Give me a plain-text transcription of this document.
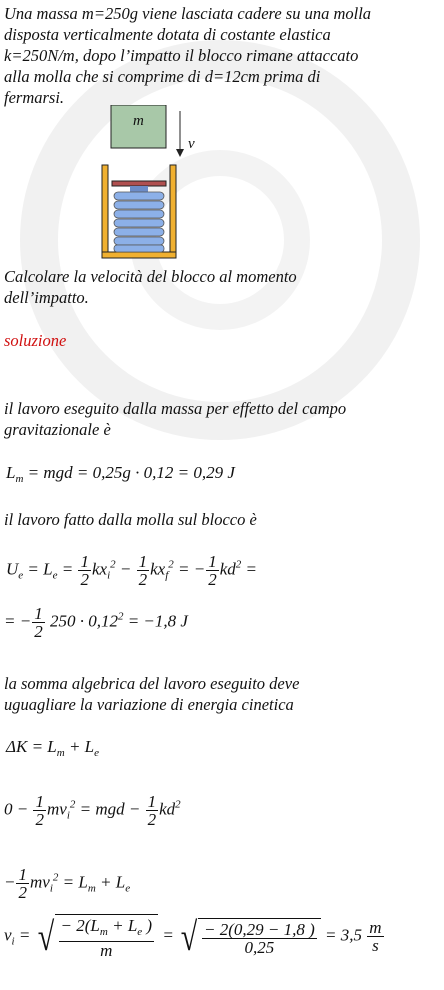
Una massa m=250g viene lasciata cadere su una molla
disposta verticalmente dotata di costante elastica
k=250N/m, dopo l’impatto il blocco rimane attaccato
alla molla che si comprime di d=12cm prima di
fermarsi.
m
v
Calcolare la velocità del blocco al momento
dell’impatto.
soluzione
il lavoro eseguito dalla massa per effetto del campo
gravitazionale è
$L_m$ = mgd = 0,25g · 0,12 = 0,29 J
il lavoro fatto dalla molla sul blocco è
$U_e = L_e = \frac{1}{2} kx_i^2 - \frac{1}{2} kx_f^2$ = − $\frac{1}{2} kd^2$ =
= − $\frac{1}{2} 250 \cdot 0,12^2 = -1,8$ J
la somma algebrica del lavoro eseguito deve
uguagliare la variazione di energia cinetica
$\Delta K = L_m + L_e$
$0 - \frac{1}{2} mv_i^2$ = mgd − $\frac{1}{2} kd^2$
− $\frac{1}{2} mv_i^2 = L_m + L_e$
$v_i$ = √ $\frac{- 2(L_m + L_e )}{m}$ = √ $\frac{- 2(0,29 - 1,8 )}{0,25} = 3,5 \frac{m}{s}$
